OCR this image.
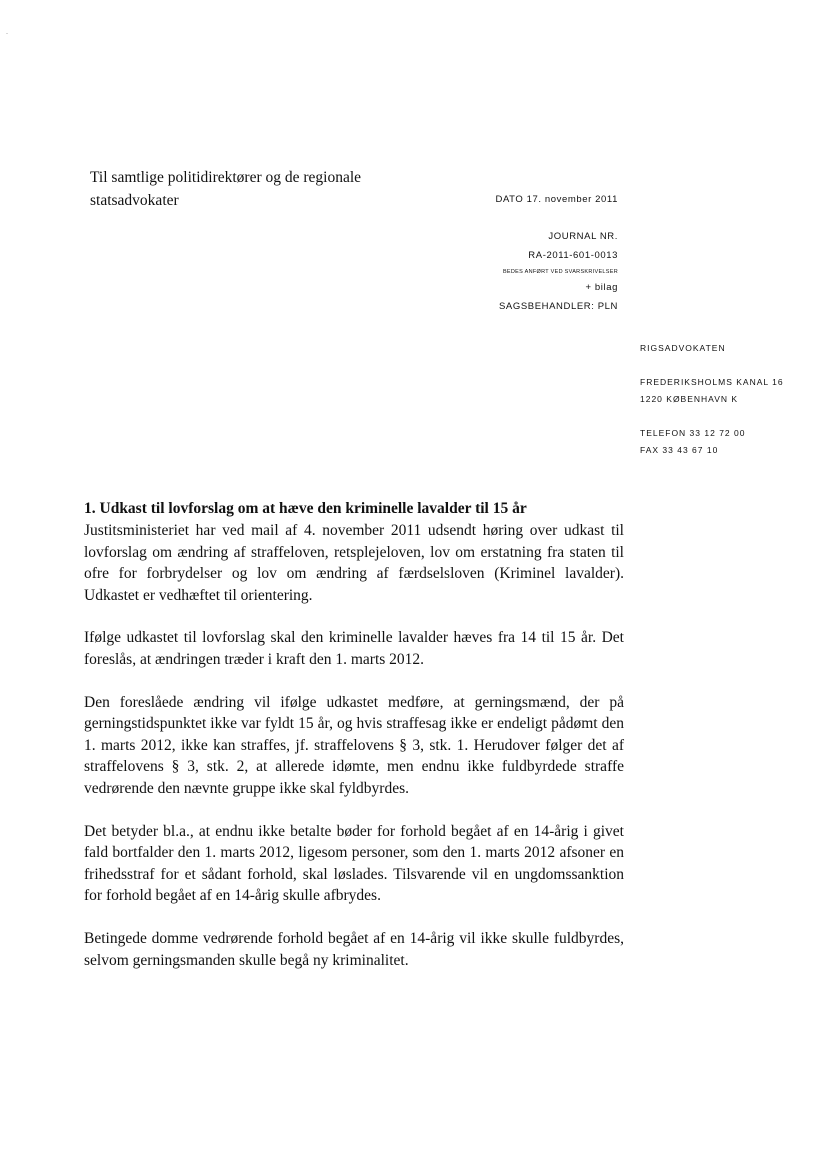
.
Til samtlige politidirektører og de regionale
statsadvokater	DATO 17. november 2011
JOURNAL NR.
RA-2011-601-0013
BEDES ANFØRT VED SVARSKRIVELSER
+ bilag
SAGSBEHANDLER: PLN
RIGSADVOKATEN
FREDERIKSHOLMS KANAL 16
1220 KØBENHAVN K
TELEFON 33 12 72 00
FAX 33 43 67 10
1. Udkast til lovforslag om at hæve den kriminelle lavalder til 15 år

Justitsministeriet har ved mail af 4. november 2011 udsendt høring over udkast til lovforslag om ændring af straffeloven, retsplejeloven, lov om erstatning fra staten til ofre for forbrydelser og lov om ændring af færdselsloven (Kriminel lavalder). Udkastet er vedhæftet til orientering.

Ifølge udkastet til lovforslag skal den kriminelle lavalder hæves fra 14 til 15 år. Det foreslås, at ændringen træder i kraft den 1. marts 2012.

Den foreslåede ændring vil ifølge udkastet medføre, at gerningsmænd, der på gerningstidspunktet ikke var fyldt 15 år, og hvis straffesag ikke er endeligt pådømt den 1. marts 2012, ikke kan straffes, jf. straffelovens § 3, stk. 1. Herudover følger det af straffelovens § 3, stk. 2, at allerede idømte, men endnu ikke fuldbyrdede straffe vedrørende den nævnte gruppe ikke skal fyldbyrdes.

Det betyder bl.a., at endnu ikke betalte bøder for forhold begået af en 14-årig i givet fald bortfalder den 1. marts 2012, ligesom personer, som den 1. marts 2012 afsoner en frihedsstraf for et sådant forhold, skal løslades. Tilsvarende vil en ungdomssanktion for forhold begået af en 14-årig skulle afbrydes.

Betingede domme vedrørende forhold begået af en 14-årig vil ikke skulle fuldbyrdes, selvom gerningsmanden skulle begå ny kriminalitet.
